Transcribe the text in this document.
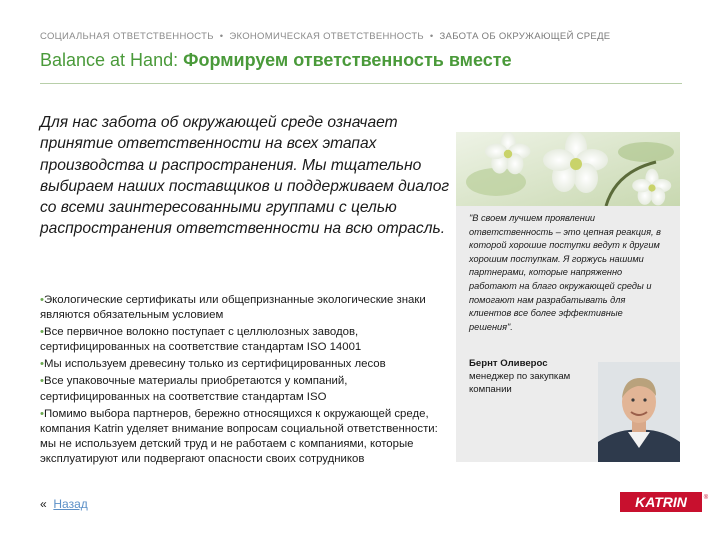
СОЦИАЛЬНАЯ ОТВЕТСТВЕННОСТЬ • ЭКОНОМИЧЕСКАЯ ОТВЕТСТВЕННОСТЬ • ЗАБОТА ОБ ОКРУЖАЮЩЕЙ СРЕДЕ
Balance at Hand: Формируем ответственность вместе
Для нас забота об окружающей среде означает принятие ответственности на всех этапах производства и распространения. Мы тщательно выбираем наших поставщиков и поддерживаем диалог со всеми заинтересованными группами с целью распространения ответственности на всю отрасль.

•Экологические сертификаты или общепризнанные экологические знаки являются обязательным условием

•Все первичное волокно поступает с целлюлозных заводов, сертифицированных на соответствие стандартам ISO 14001

•Мы используем древесину только из сертифицированных лесов

•Все упаковочные материалы приобретаются у компаний, сертифицированных на соответствие стандартам ISO

•Помимо выбора партнеров, бережно относящихся к окружающей среде, компания Katrin уделяет внимание вопросам социальной ответственности: мы не используем детский труд и не работаем с компаниями, которые эксплуатируют или подвергают опасности своих сотрудников

« Назад
"В своем лучшем проявлении ответственность – это цепная реакция, в которой хорошие поступки ведут к другим хорошим поступкам. Я горжусь нашими партнерами, которые напряженно работают на благо окружающей среды и помогают нам разрабатывать для клиентов все более эффективные решения".
Бернт Оливерос
менеджер по закупкам компании
KATRIN	®
